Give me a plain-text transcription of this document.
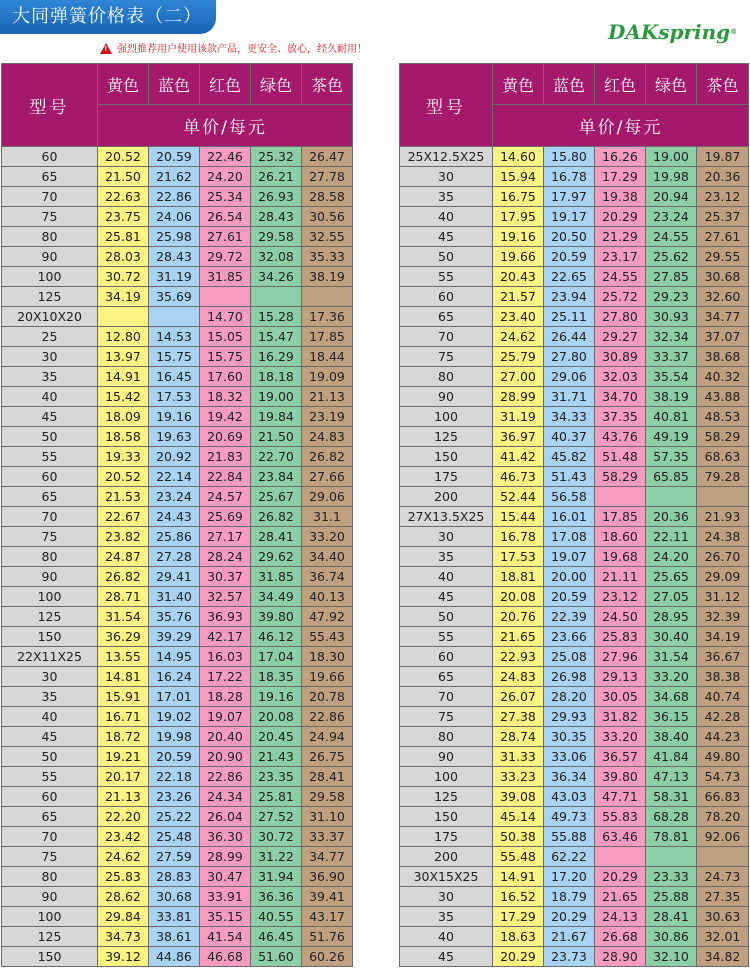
大同弹簧价格表（二）
!强烈推荐用户使用该款产品，更安全、放心，经久耐用！
DAKspring®
型号	黄色	蓝色	红色	绿色	茶色
	单价/每元				
60	20.52	20.59	22.46	25.32	26.47
65	21.50	21.62	24.20	26.21	27.78
70	22.63	22.86	25.34	26.93	28.58
75	23.75	24.06	26.54	28.43	30.56
80	25.81	25.98	27.61	29.58	32.55
90	28.03	28.43	29.72	32.08	35.33
100	30.72	31.19	31.85	34.26	38.19
125	34.19	35.69			
20X10X20			14.70	15.28	17.36
25	12.80	14.53	15.05	15.47	17.85
30	13.97	15.75	15.75	16.29	18.44
35	14.91	16.45	17.60	18.18	19.09
40	15.42	17.53	18.32	19.00	21.13
45	18.09	19.16	19.42	19.84	23.19
50	18.58	19.63	20.69	21.50	24.83
55	19.33	20.92	21.83	22.70	26.82
60	20.52	22.14	22.84	23.84	27.66
65	21.53	23.24	24.57	25.67	29.06
70	22.67	24.43	25.69	26.82	31.1
75	23.82	25.86	27.17	28.41	33.20
80	24.87	27.28	28.24	29.62	34.40
90	26.82	29.41	30.37	31.85	36.74
100	28.71	31.40	32.57	34.49	40.13
125	31.54	35.76	36.93	39.80	47.92
150	36.29	39.29	42.17	46.12	55.43
22X11X25	13.55	14.95	16.03	17.04	18.30
30	14.81	16.24	17.22	18.35	19.66
35	15.91	17.01	18.28	19.16	20.78
40	16.71	19.02	19.07	20.08	22.86
45	18.72	19.98	20.40	20.45	24.94
50	19.21	20.59	20.90	21.43	26.75
55	20.17	22.18	22.86	23.35	28.41
60	21.13	23.26	24.34	25.81	29.58
65	22.20	25.22	26.04	27.52	31.10
70	23.42	25.48	36.30	30.72	33.37
75	24.62	27.59	28.99	31.22	34.77
80	25.83	28.83	30.47	31.94	36.90
90	28.62	30.68	33.91	36.36	39.41
100	29.84	33.81	35.15	40.55	43.17
125	34.73	38.61	41.54	46.45	51.76
150	39.12	44.86	46.68	51.60	60.26
型号	黄色	蓝色	红色	绿色	茶色
	单价/每元				
25X12.5X25	14.60	15.80	16.26	19.00	19.87
30	15.94	16.78	17.29	19.98	20.36
35	16.75	17.97	19.38	20.94	23.12
40	17.95	19.17	20.29	23.24	25.37
45	19.16	20.50	21.29	24.55	27.61
50	19.66	20.59	23.17	25.62	29.55
55	20.43	22.65	24.55	27.85	30.68
60	21.57	23.94	25.72	29.23	32.60
65	23.40	25.11	27.80	30.93	34.77
70	24.62	26.44	29.27	32.34	37.07
75	25.79	27.80	30.89	33.37	38.68
80	27.00	29.06	32.03	35.54	40.32
90	28.99	31.71	34.70	38.19	43.88
100	31.19	34.33	37.35	40.81	48.53
125	36.97	40.37	43.76	49.19	58.29
150	41.42	45.82	51.48	57.35	68.63
175	46.73	51.43	58.29	65.85	79.28
200	52.44	56.58			
27X13.5X25	15.44	16.01	17.85	20.36	21.93
30	16.78	17.08	18.60	22.11	24.38
35	17.53	19.07	19.68	24.20	26.70
40	18.81	20.00	21.11	25.65	29.09
45	20.08	20.59	23.12	27.05	31.12
50	20.76	22.39	24.50	28.95	32.39
55	21.65	23.66	25.83	30.40	34.19
60	22.93	25.08	27.96	31.54	36.67
65	24.83	26.98	29.13	33.20	38.38
70	26.07	28.20	30.05	34.68	40.74
75	27.38	29.93	31.82	36.15	42.28
80	28.74	30.35	33.20	38.40	44.23
90	31.33	33.06	36.57	41.84	49.80
100	33.23	36.34	39.80	47.13	54.73
125	39.08	43.03	47.71	58.31	66.83
150	45.14	49.73	55.83	68.28	78.20
175	50.38	55.88	63.46	78.81	92.06
200	55.48	62.22			
30X15X25	14.91	17.20	20.29	23.33	24.73
30	16.52	18.79	21.65	25.88	27.35
35	17.29	20.29	24.13	28.41	30.63
40	18.63	21.67	26.68	30.86	32.01
45	20.29	23.73	28.90	32.10	34.82
